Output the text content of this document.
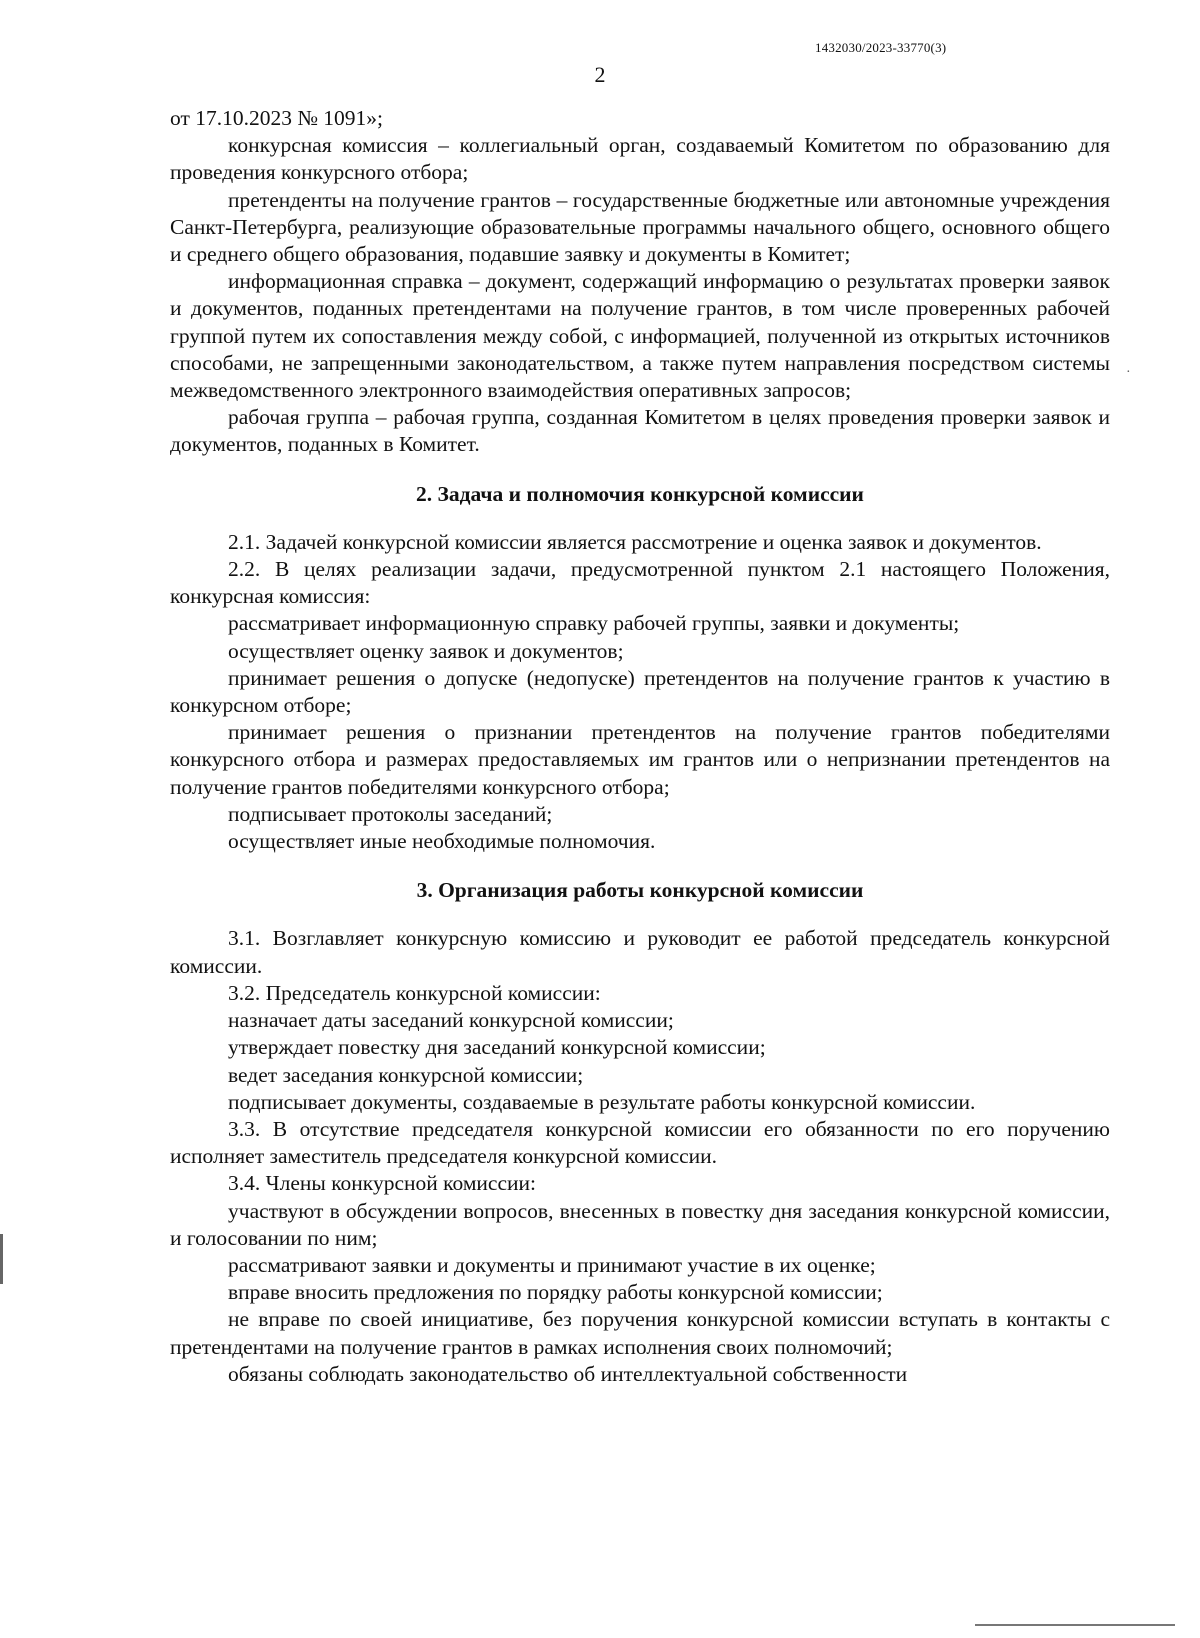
1432030/2023-33770(3)
2
·

от 17.10.2023 № 1091»;

конкурсная комиссия – коллегиальный орган, создаваемый Комитетом по образованию для проведения конкурсного отбора;

претенденты на получение грантов – государственные бюджетные или автономные учреждения Санкт-Петербурга, реализующие образовательные программы начального общего, основного общего и среднего общего образования, подавшие заявку и документы в Комитет;

информационная справка – документ, содержащий информацию о результатах проверки заявок и документов, поданных претендентами на получение грантов, в том числе проверенных рабочей группой путем их сопоставления между собой, с информацией, полученной из открытых источников способами, не запрещенными законодательством, а также путем направления посредством системы межведомственного электронного взаимодействия оперативных запросов;

рабочая группа – рабочая группа, созданная Комитетом в целях проведения проверки заявок и документов, поданных в Комитет.

2. Задача и полномочия конкурсной комиссии

2.1. Задачей конкурсной комиссии является рассмотрение и оценка заявок и документов.

2.2. В целях реализации задачи, предусмотренной пунктом 2.1 настоящего Положения, конкурсная комиссия:

рассматривает информационную справку рабочей группы, заявки и документы;

осуществляет оценку заявок и документов;

принимает решения о допуске (недопуске) претендентов на получение грантов к участию в конкурсном отборе;

принимает решения о признании претендентов на получение грантов победителями конкурсного отбора и размерах предоставляемых им грантов или о непризнании претендентов на получение грантов победителями конкурсного отбора;

подписывает протоколы заседаний;

осуществляет иные необходимые полномочия.

3. Организация работы конкурсной комиссии

3.1. Возглавляет конкурсную комиссию и руководит ее работой председатель конкурсной комиссии.

3.2. Председатель конкурсной комиссии:

назначает даты заседаний конкурсной комиссии;

утверждает повестку дня заседаний конкурсной комиссии;

ведет заседания конкурсной комиссии;

подписывает документы, создаваемые в результате работы конкурсной комиссии.

3.3. В отсутствие председателя конкурсной комиссии его обязанности по его поручению исполняет заместитель председателя конкурсной комиссии.

3.4. Члены конкурсной комиссии:

участвуют в обсуждении вопросов, внесенных в повестку дня заседания конкурсной комиссии, и голосовании по ним;

рассматривают заявки и документы и принимают участие в их оценке;

вправе вносить предложения по порядку работы конкурсной комиссии;

не вправе по своей инициативе, без поручения конкурсной комиссии вступать в контакты с претендентами на получение грантов в рамках исполнения своих полномочий;

обязаны соблюдать законодательство об интеллектуальной собственности
